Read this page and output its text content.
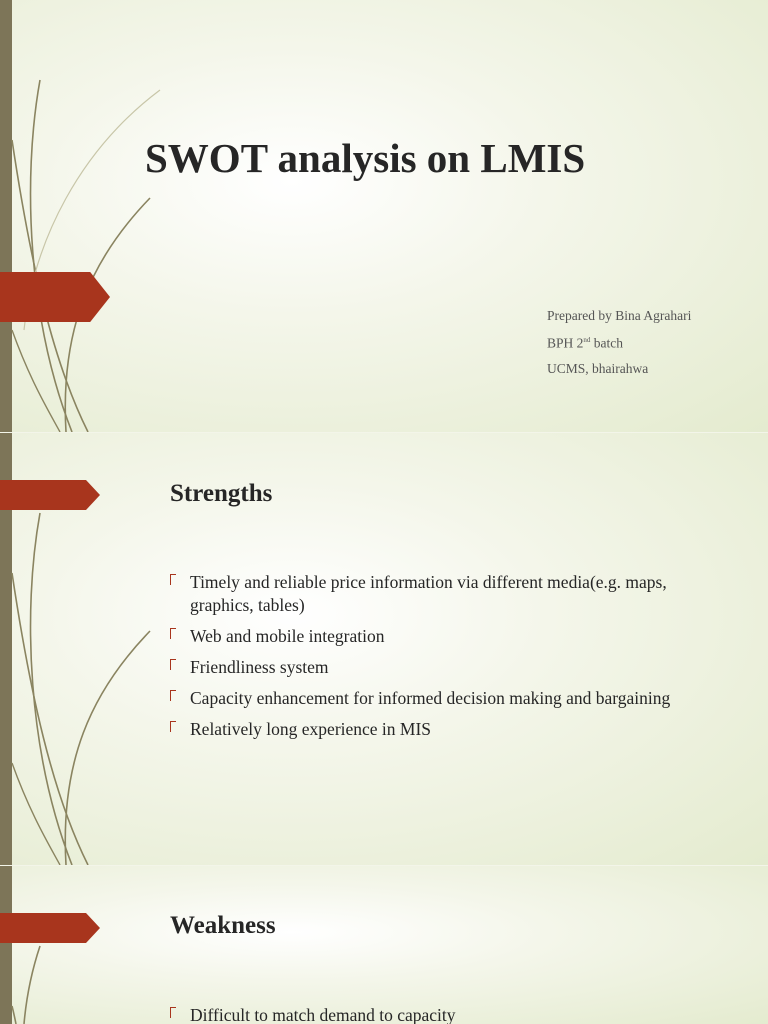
SWOT analysis on LMIS
Prepared by Bina Agrahari
BPH 2nd batch
UCMS, bhairahwa
Strengths
Timely and reliable price information via different media(e.g. maps, graphics, tables)
Web and mobile integration
Friendliness system
Capacity enhancement for informed decision making and bargaining
Relatively long experience in MIS
Weakness
Difficult to match demand to capacity
